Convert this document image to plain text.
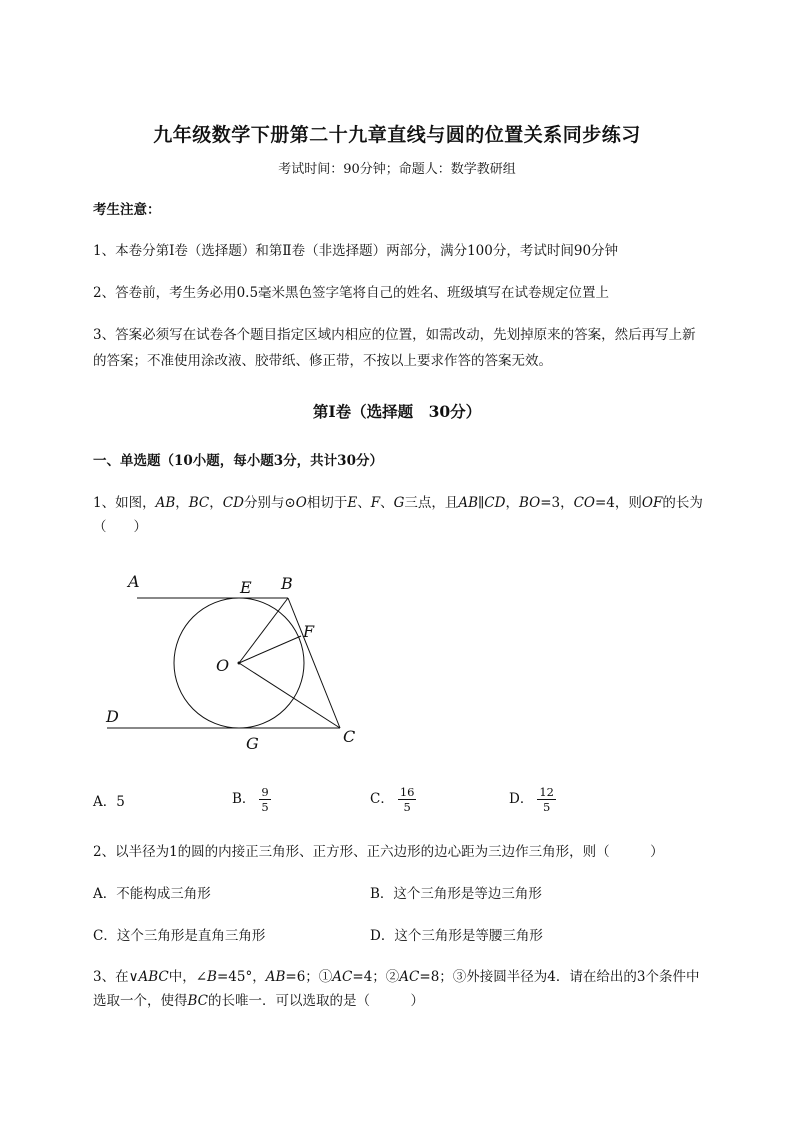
九年级数学下册第二十九章直线与圆的位置关系同步练习
考试时间：90分钟；命题人：数学教研组
考生注意：
1、本卷分第I卷（选择题）和第Ⅱ卷（非选择题）两部分，满分100分，考试时间90分钟
2、答卷前，考生务必用0.5毫米黑色签字笔将自己的姓名、班级填写在试卷规定位置上
3、答案必须写在试卷各个题目指定区域内相应的位置，如需改动，先划掉原来的答案，然后再写上新
的答案；不准使用涂改液、胶带纸、修正带，不按以上要求作答的答案无效。
第I卷（选择题　30分）
一、单选题（10小题，每小题3分，共计30分）
1、如图，AB，BC，CD分别与⊙O相切于E、F、G三点，且AB∥CD，BO=3，CO=4，则OF的长为
（　　）
A	E B
F
O
D
G	C
A．5	B． $\frac{9}{5}$	C． $\frac{16}{5}$	D． $\frac{12}{5}$
2、以半径为1的圆的内接正三角形、正方形、正六边形的边心距为三边作三角形，则（　　　）
A．不能构成三角形	B．这个三角形是等边三角形
C．这个三角形是直角三角形	D．这个三角形是等腰三角形
3、在∨ABC中，∠B=45°，AB=6；①AC=4；②AC=8；③外接圆半径为4．请在给出的3个条件中
选取一个，使得BC的长唯一．可以选取的是（　　　）
